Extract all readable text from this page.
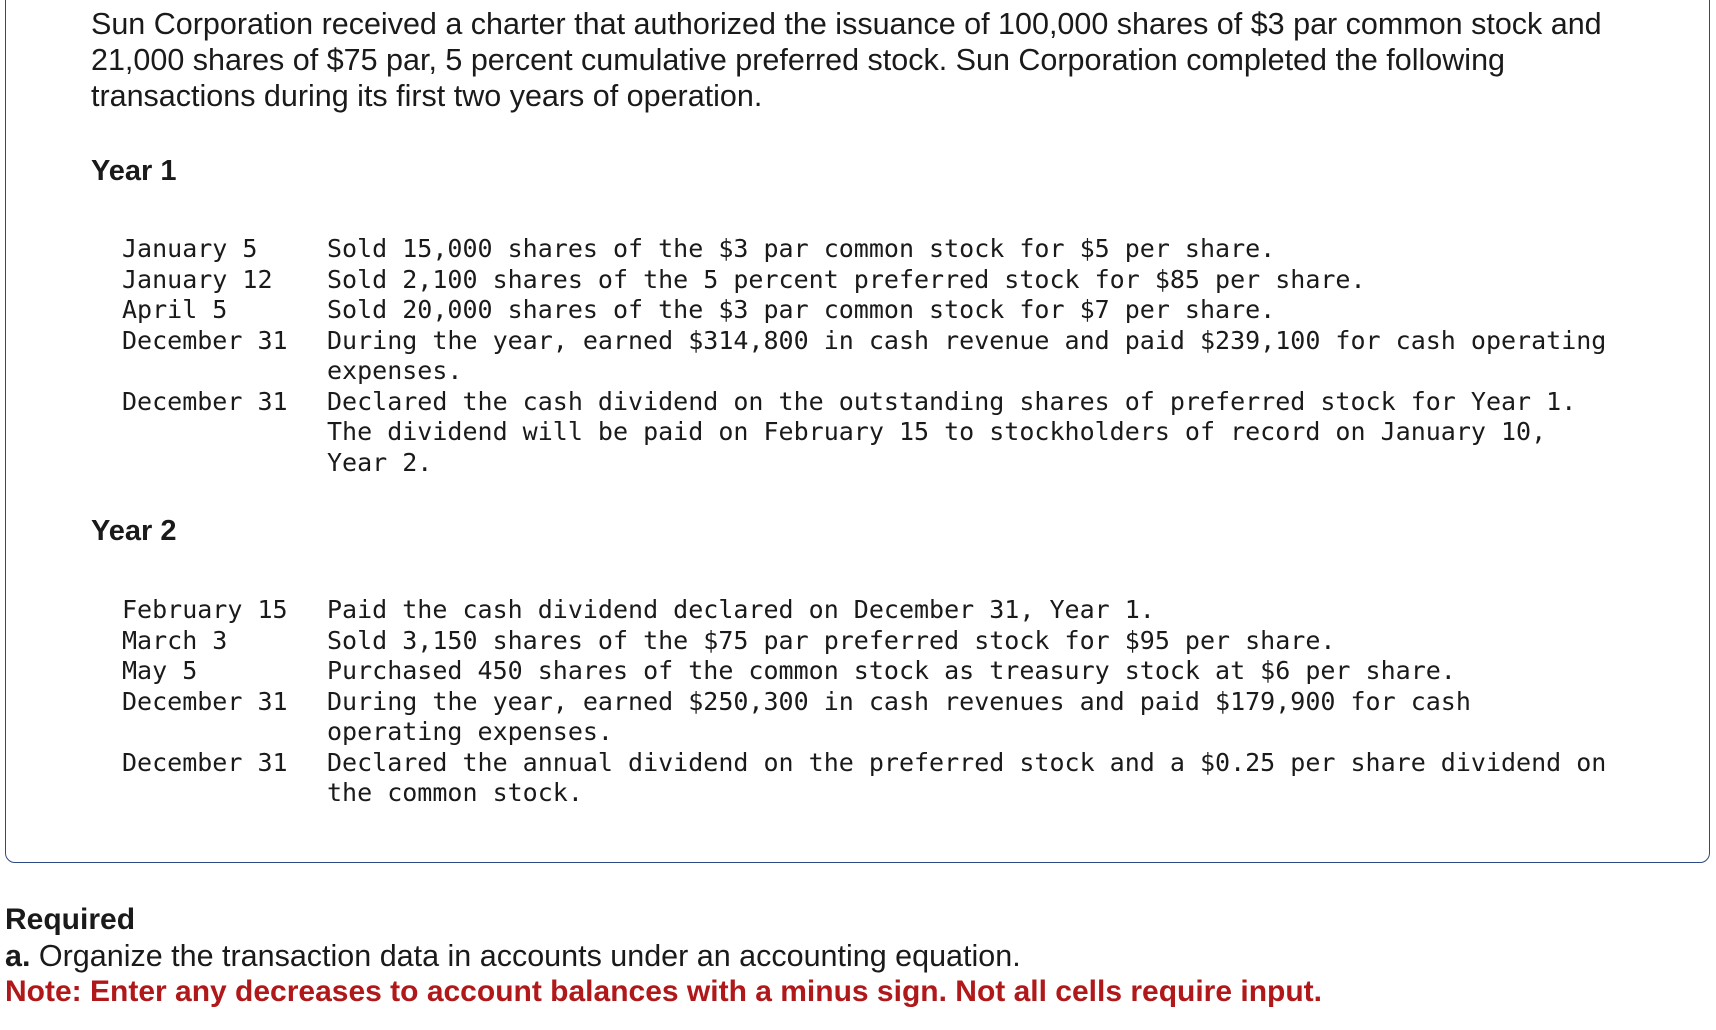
Sun Corporation received a charter that authorized the issuance of 100,000 shares of $3 par common stock and 21,000 shares of $75 par, 5 percent cumulative preferred stock. Sun Corporation completed the following transactions during its first two years of operation.

Year 1
January 5	Sold 15,000 shares of the $3 par common stock for $5 per share.
January 12	Sold 2,100 shares of the 5 percent preferred stock for $85 per share.
April 5	Sold 20,000 shares of the $3 par common stock for $7 per share.
December 31	During the year, earned $314,800 in cash revenue and paid $239,100 for cash operating expenses.
December 31	Declared the cash dividend on the outstanding shares of preferred stock for Year 1. The dividend will be paid on February 15 to stockholders of record on January 10, Year 2.
Year 2
February 15	Paid the cash dividend declared on December 31, Year 1.
March 3	Sold 3,150 shares of the $75 par preferred stock for $95 per share.
May 5	Purchased 450 shares of the common stock as treasury stock at $6 per share.
December 31	During the year, earned $250,300 in cash revenues and paid $179,900 for cash operating expenses.
December 31	Declared the annual dividend on the preferred stock and a $0.25 per share dividend on the common stock.

Required

a. Organize the transaction data in accounts under an accounting equation.

Note: Enter any decreases to account balances with a minus sign. Not all cells require input.
